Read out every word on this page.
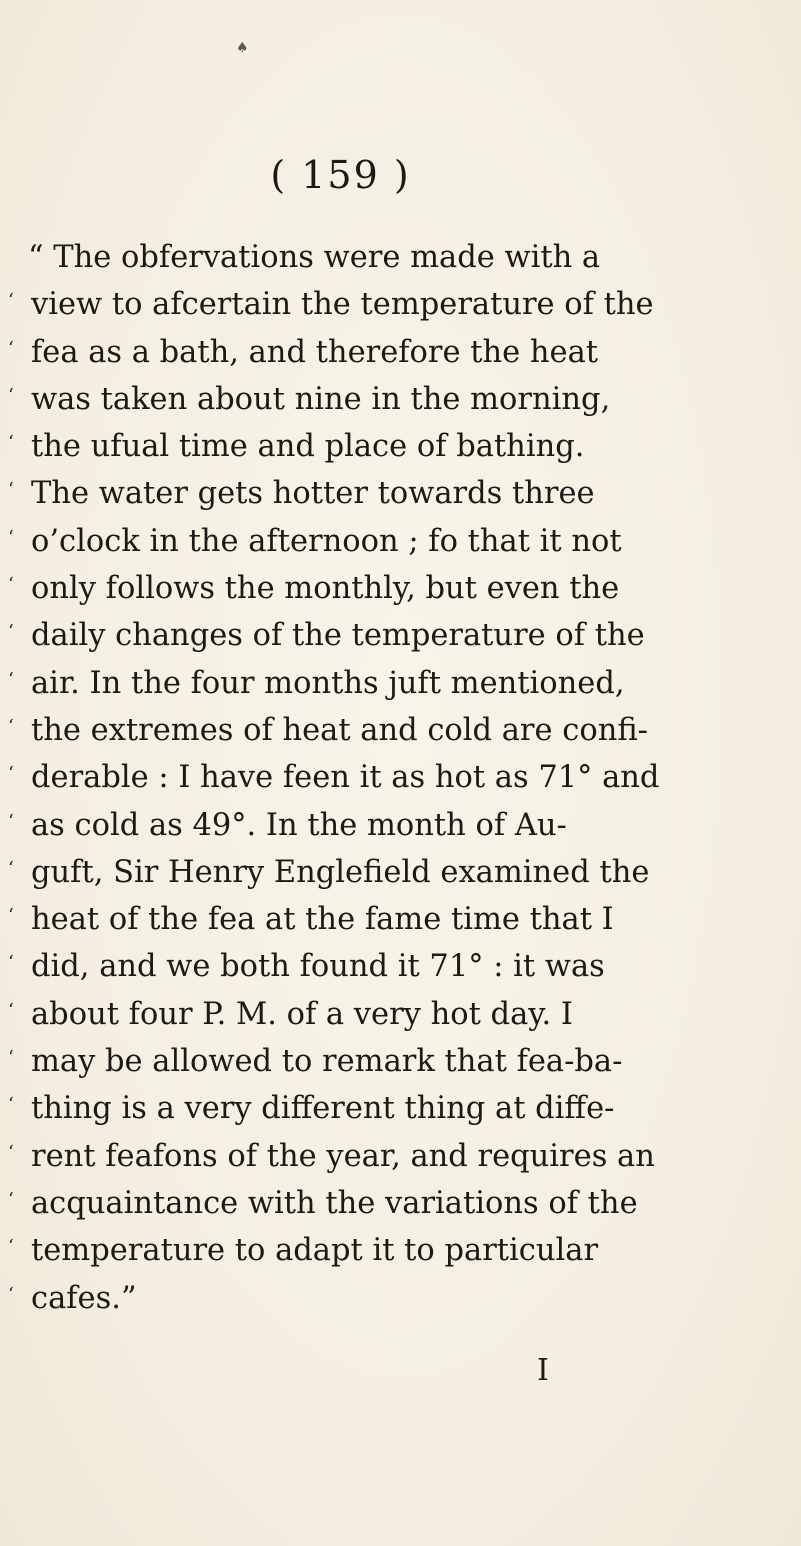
♠
( 159 )
“ The obfervations were made with a
‘ view to afcertain the temperature of the
‘ fea as a bath, and therefore the heat
‘ was taken about nine in the morning,
‘ the ufual time and place of bathing.
‘ The water gets hotter towards three
‘ o’clock in the afternoon ; fo that it not
‘ only follows the monthly, but even the
‘ daily changes of the temperature of the
‘ air. In the four months juft mentioned,
‘ the extremes of heat and cold are confi-
‘ derable : I have feen it as hot as 71° and
‘ as cold as 49°. In the month of Au-
‘ guft, Sir Henry Englefield examined the
‘ heat of the fea at the fame time that I
‘ did, and we both found it 71° : it was
‘ about four P. M. of a very hot day. I
‘ may be allowed to remark that fea-ba-
‘ thing is a very different thing at diffe-
‘ rent feafons of the year, and requires an
‘ acquaintance with the variations of the
‘ temperature to adapt it to particular
‘ cafes.”
I
